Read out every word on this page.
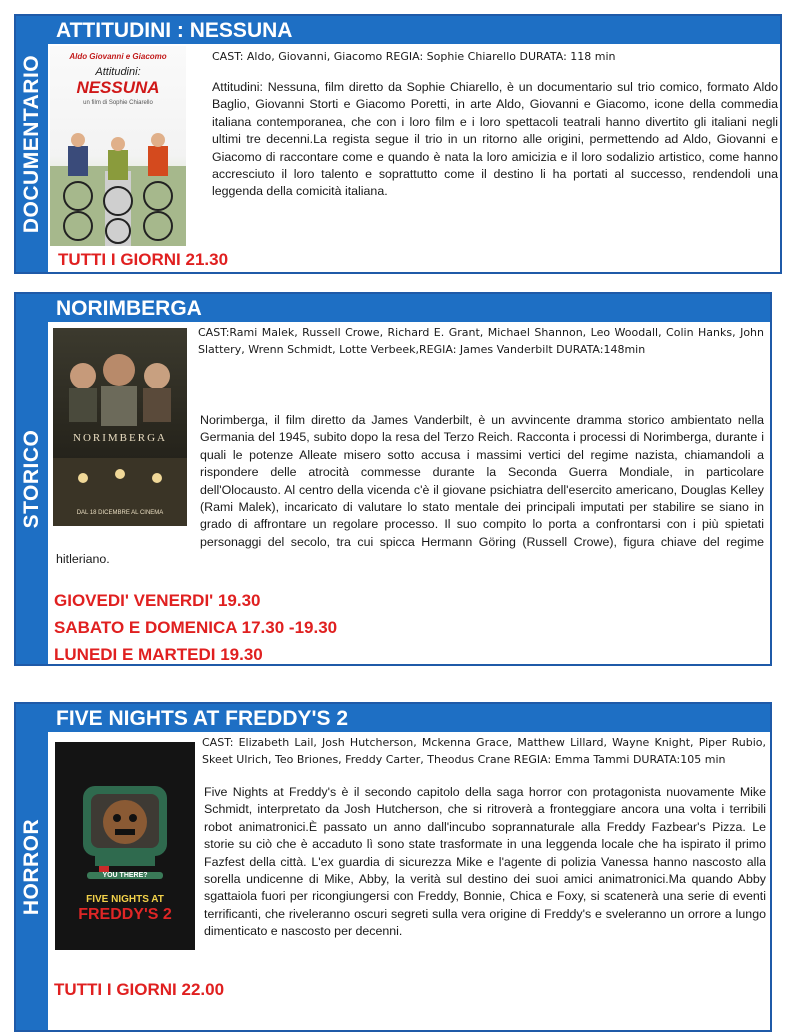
DOCUMENTARIO
ATTITUDINI : NESSUNA
Aldo Giovanni e Giacomo
Attitudini:
NESSUNA
un film di Sophie Chiarello

CAST: Aldo, Giovanni, Giacomo REGIA: Sophie Chiarello DURATA: 118 min

Attitudini: Nessuna, film diretto da Sophie Chiarello, è un documentario sul trio comico, formato Aldo Baglio, Giovanni Storti e Giacomo Poretti, in arte Aldo, Giovanni e Giacomo, icone della commedia italiana contemporanea, che con i loro film e i loro spettacoli teatrali hanno divertito gli italiani negli ultimi tre decenni.La regista segue il trio in un ritorno alle origini, permettendo ad Aldo, Giovanni e Giacomo di raccontare come e quando è nata la loro amicizia e il loro sodalizio artistico, come hanno accresciuto il loro talento e soprattutto come il destino li ha portati al successo, rendendoli una leggenda della comicità italiana.

TUTTI I GIORNI 21.30
STORICO
NORIMBERGA
NORIMBERGA
DAL 18 DICEMBRE AL CINEMA

CAST:Rami Malek, Russell Crowe, Richard E. Grant, Michael Shannon, Leo Woodall, Colin Hanks, John Slattery, Wrenn Schmidt, Lotte Verbeek,REGIA: James Vanderbilt DURATA:148min

Norimberga, il film diretto da James Vanderbilt, è un avvincente dramma storico ambientato nella Germania del 1945, subito dopo la resa del Terzo Reich. Racconta i processi di Norimberga, durante i quali le potenze Alleate misero sotto accusa i massimi vertici del regime nazista, chiamandoli a rispondere delle atrocità commesse durante la Seconda Guerra Mondiale, in particolare dell'Olocausto. Al centro della vicenda c'è il giovane psichiatra dell'esercito americano, Douglas Kelley (Rami Malek), incaricato di valutare lo stato mentale dei principali imputati per stabilire se siano in grado di affrontare un regolare processo. Il suo compito lo porta a confrontarsi con i più spietati personaggi del secolo, tra cui spicca Hermann Göring (Russell Crowe), figura chiave del regime hitleriano.

GIOVEDI' VENERDI' 19.30
SABATO E DOMENICA 17.30 -19.30
LUNEDI E MARTEDI 19.30
HORROR
FIVE NIGHTS AT FREDDY'S 2
YOU THERE?
FIVE NIGHTS AT
FREDDY'S 2

CAST: Elizabeth Lail, Josh Hutcherson, Mckenna Grace, Matthew Lillard, Wayne Knight, Piper Rubio, Skeet Ulrich, Teo Briones, Freddy Carter, Theodus Crane REGIA: Emma Tammi DURATA:105 min

Five Nights at Freddy's è il secondo capitolo della saga horror con protagonista nuovamente Mike Schmidt, interpretato da Josh Hutcherson, che si ritroverà a fronteggiare ancora una volta i terribili robot animatronici.È passato un anno dall'incubo soprannaturale alla Freddy Fazbear's Pizza. Le storie su ciò che è accaduto lì sono state trasformate in una leggenda locale che ha ispirato il primo Fazfest della città. L'ex guardia di sicurezza Mike e l'agente di polizia Vanessa hanno nascosto alla sorella undicenne di Mike, Abby, la verità sul destino dei suoi amici animatronici.Ma quando Abby sgattaiola fuori per ricongiungersi con Freddy, Bonnie, Chica e Foxy, si scatenerà una serie di eventi terrificanti, che riveleranno oscuri segreti sulla vera origine di Freddy's e sveleranno un orrore a lungo dimenticato e nascosto per decenni.

TUTTI I GIORNI 22.00
